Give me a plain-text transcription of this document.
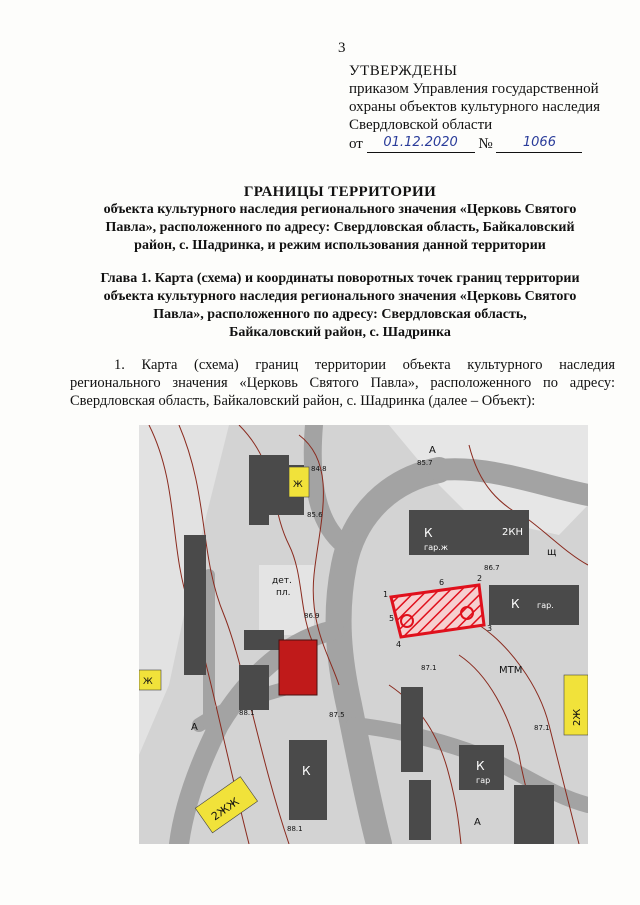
3
УТВЕРЖДЕНЫ
приказом Управления государственной
охраны объектов культурного наследия
Свердловской области
от
	01.12.2020
	№
	1066
ГРАНИЦЫ ТЕРРИТОРИИ
объекта культурного наследия регионального значения «Церковь Святого
Павла», расположенного по адресу: Свердловская область, Байкаловский
район, с. Шадринка, и режим использования данной территории
Глава 1. Карта (схема) и координаты поворотных точек границ территории
объекта культурного наследия регионального значения «Церковь Святого
Павла», расположенного по адресу: Свердловская область,
Байкаловский район, с. Шадринка
1. Карта (схема) границ территории объекта культурного наследия регионального значения «Церковь Святого Павла», расположенного по адресу: Свердловская область, Байкаловский район, с. Шадринка (далее – Объект):
А
А
А
Ж
Ж
2ЖЖ
2Ж
К
К
К	К
2КН
гар.ж
гар.
гар
дет.
пл.
щ
МТМ
84.8
85.7
85.6
86.7
86.9
87.1
87.1
88.1
88.1
87.5
1
2
3
4
5
6
